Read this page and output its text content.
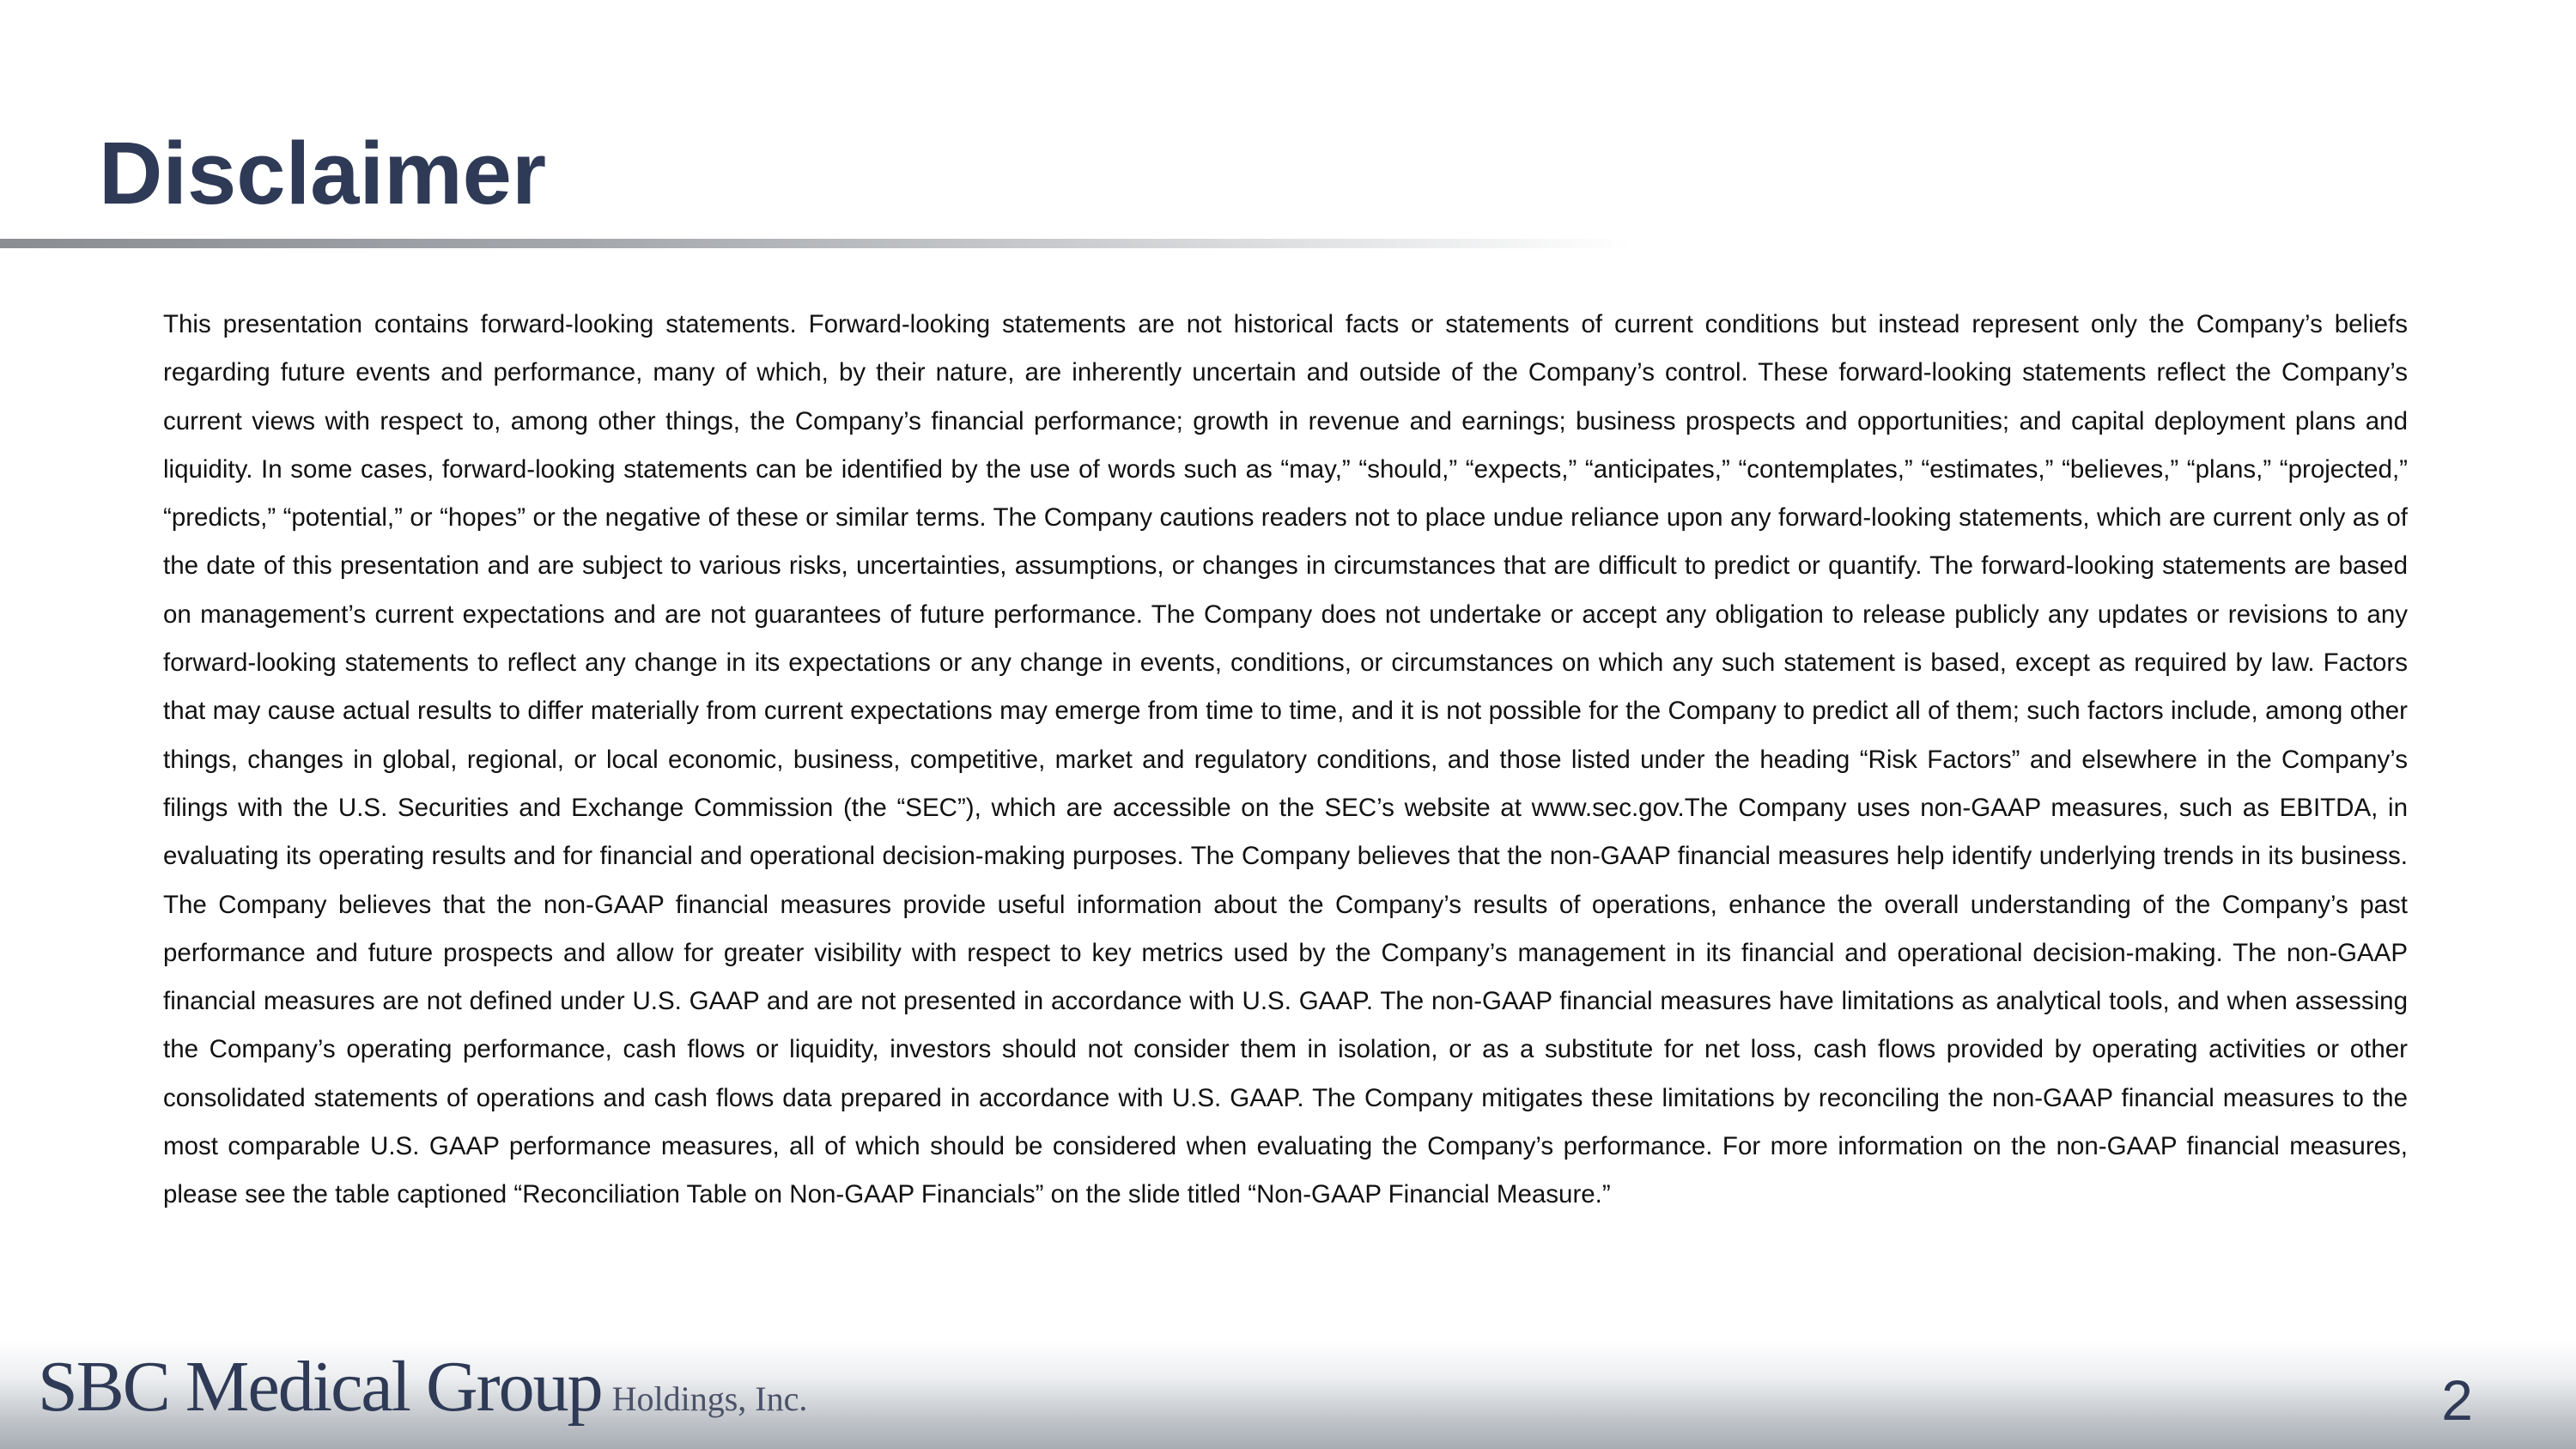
Disclaimer

This presentation contains forward-looking statements. Forward-looking statements are not historical facts or statements of current conditions but instead represent only the Company’s beliefs regarding future events and performance, many of which, by their nature, are inherently uncertain and outside of the Company’s control. These forward-looking statements reflect the Company’s current views with respect to, among other things, the Company’s financial performance; growth in revenue and earnings; business prospects and opportunities; and capital deployment plans and liquidity. In some cases, forward-looking statements can be identified by the use of words such as “may,” “should,” “expects,” “anticipates,” “contemplates,” “estimates,” “believes,” “plans,” “projected,” “predicts,” “potential,” or “hopes” or the negative of these or similar terms. The Company cautions readers not to place undue reliance upon any forward-looking statements, which are current only as of the date of this presentation and are subject to various risks, uncertainties, assumptions, or changes in circumstances that are difficult to predict or quantify. The forward-looking statements are based on management’s current expectations and are not guarantees of future performance. The Company does not undertake or accept any obligation to release publicly any updates or revisions to any forward-looking statements to reflect any change in its expectations or any change in events, conditions, or circumstances on which any such statement is based, except as required by law. Factors that may cause actual results to differ materially from current expectations may emerge from time to time, and it is not possible for the Company to predict all of them; such factors include, among other things, changes in global, regional, or local economic, business, competitive, market and regulatory conditions, and those listed under the heading “Risk Factors” and elsewhere in the Company’s filings with the U.S. Securities and Exchange Commission (the “SEC”), which are accessible on the SEC’s website at www.sec.gov.The Company uses non-GAAP measures, such as EBITDA, in evaluating its operating results and for financial and operational decision-making purposes. The Company believes that the non-GAAP financial measures help identify underlying trends in its business. The Company believes that the non-GAAP financial measures provide useful information about the Company’s results of operations, enhance the overall understanding of the Company’s past performance and future prospects and allow for greater visibility with respect to key metrics used by the Company’s management in its financial and operational decision-making. The non-GAAP financial measures are not defined under U.S. GAAP and are not presented in accordance with U.S. GAAP. The non-GAAP financial measures have limitations as analytical tools, and when assessing the Company’s operating performance, cash flows or liquidity, investors should not consider them in isolation, or as a substitute for net loss, cash flows provided by operating activities or other consolidated statements of operations and cash flows data prepared in accordance with U.S. GAAP. The Company mitigates these limitations by reconciling the non-GAAP financial measures to the most comparable U.S. GAAP performance measures, all of which should be considered when evaluating the Company’s performance. For more information on the non-GAAP financial measures, please see the table captioned “Reconciliation Table on Non-GAAP Financials” on the slide titled “Non-GAAP Financial Measure.”

SBC Medical Group Holdings, Inc.	2
